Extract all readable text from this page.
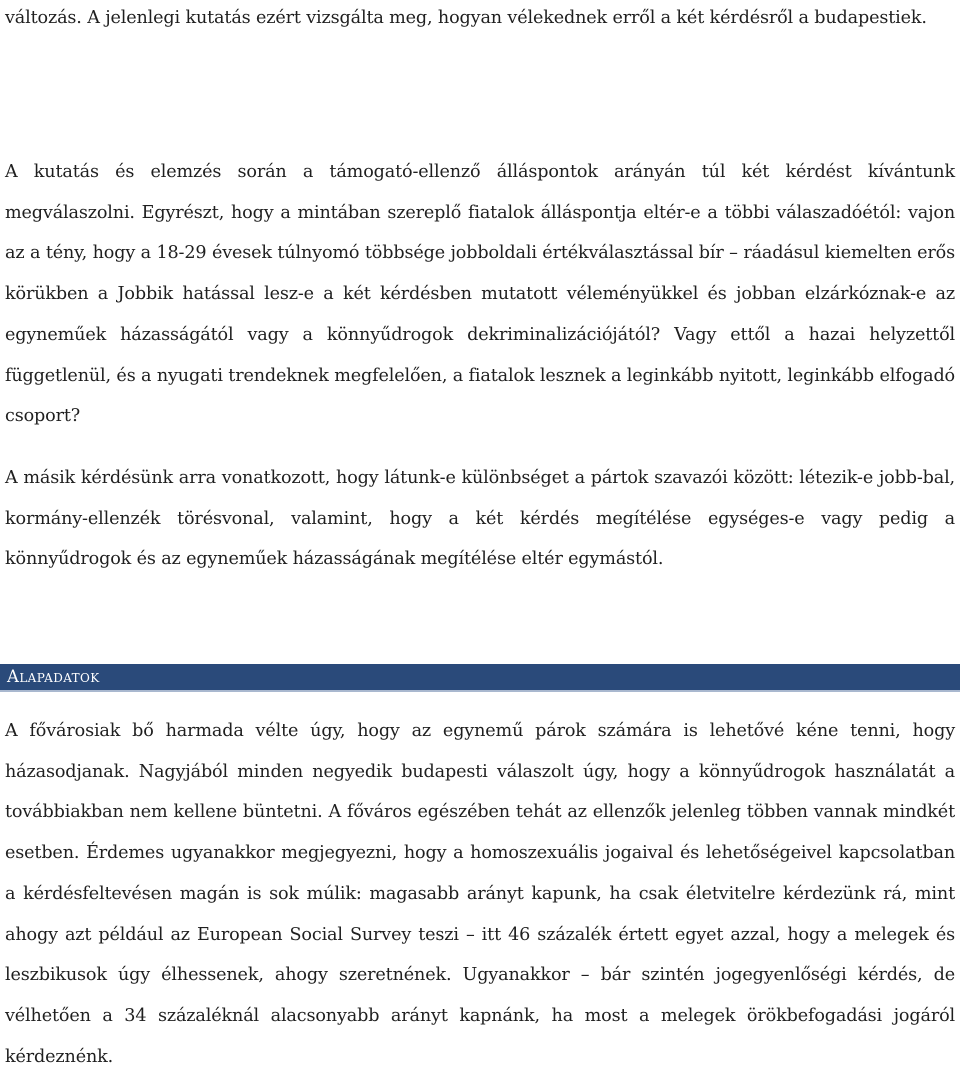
változás. A jelenlegi kutatás ezért vizsgálta meg, hogyan vélekednek erről a két kérdésről a budapestiek.

A kutatás és elemzés során a támogató-ellenző álláspontok arányán túl két kérdést kívántunk megválaszolni. Egyrészt, hogy a mintában szereplő fiatalok álláspontja eltér-e a többi válaszadóétól: vajon az a tény, hogy a 18-29 évesek túlnyomó többsége jobboldali értékválasztással bír – ráadásul kiemelten erős körükben a Jobbik hatással lesz-e a két kérdésben mutatott véleményükkel és jobban elzárkóznak-e az egyneműek házasságától vagy a könnyűdrogok dekriminalizációjától? Vagy ettől a hazai helyzettől függetlenül, és a nyugati trendeknek megfelelően, a fiatalok lesznek a leginkább nyitott, leginkább elfogadó csoport?

A másik kérdésünk arra vonatkozott, hogy látunk-e különbséget a pártok szavazói között: létezik-e jobb-bal, kormány-ellenzék törésvonal, valamint, hogy a két kérdés megítélése egységes-e vagy pedig a könnyűdrogok és az egyneműek házasságának megítélése eltér egymástól.

Alapadatok

A fővárosiak bő harmada vélte úgy, hogy az egynemű párok számára is lehetővé kéne tenni, hogy házasodjanak. Nagyjából minden negyedik budapesti válaszolt úgy, hogy a könnyűdrogok használatát a továbbiakban nem kellene büntetni. A főváros egészében tehát az ellenzők jelenleg többen vannak mindkét esetben. Érdemes ugyanakkor megjegyezni, hogy a homoszexuális jogaival és lehetőségeivel kapcsolatban a kérdésfeltevésen magán is sok múlik: magasabb arányt kapunk, ha csak életvitelre kérdezünk rá, mint ahogy azt például az European Social Survey teszi – itt 46 százalék értett egyet azzal, hogy a melegek és leszbikusok úgy élhessenek, ahogy szeretnének. Ugyanakkor – bár szintén jogegyenlőségi kérdés, de vélhetően a 34 százaléknál alacsonyabb arányt kapnánk, ha most a melegek örökbefogadási jogáról kérdeznénk.
